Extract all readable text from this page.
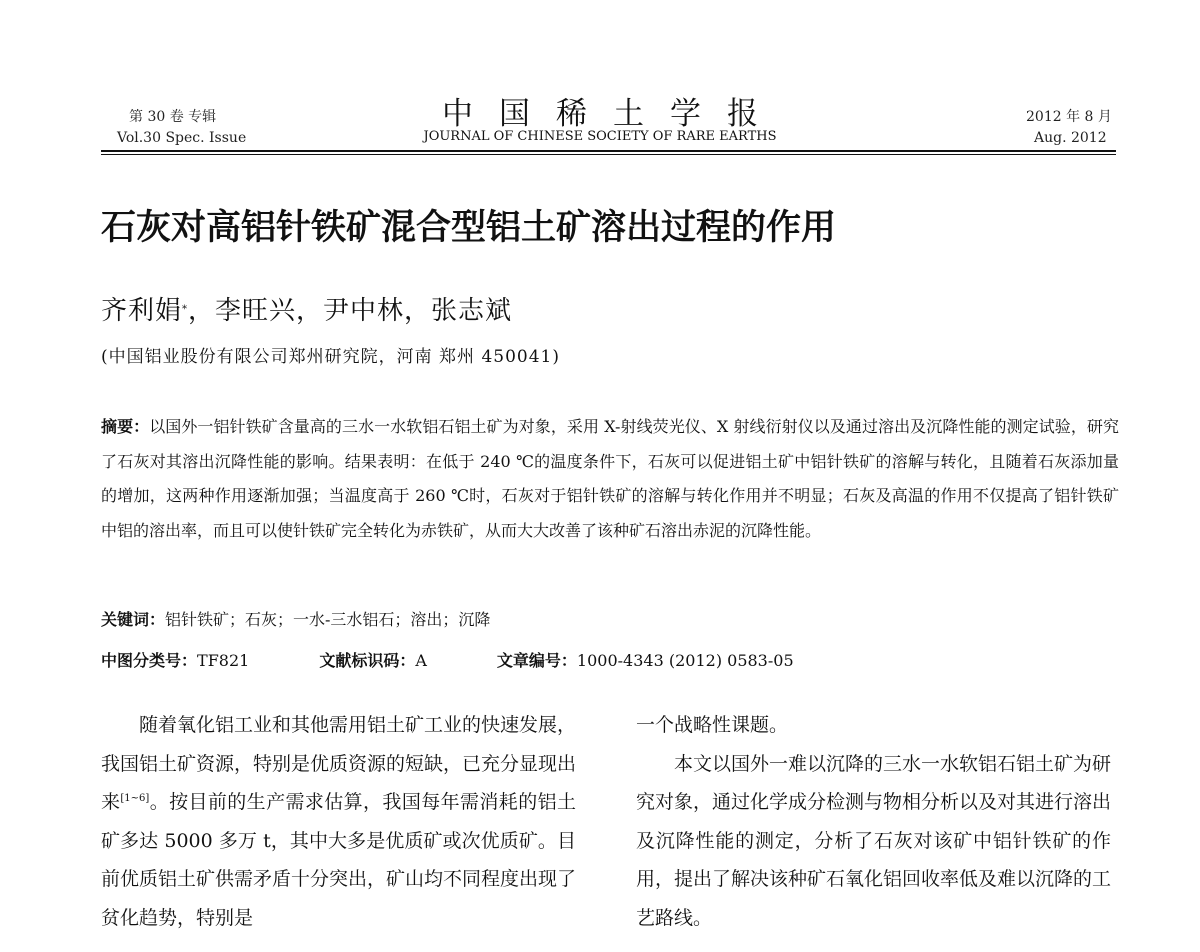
第 30 卷 专辑
Vol.30 Spec. Issue
中国稀土学报
JOURNAL OF CHINESE SOCIETY OF RARE EARTHS
2012 年 8 月
Aug. 2012
石灰对高铝针铁矿混合型铝土矿溶出过程的作用
齐利娟*，李旺兴，尹中林，张志斌
(中国铝业股份有限公司郑州研究院，河南 郑州 450041)
摘要：以国外一铝针铁矿含量高的三水一水软铝石铝土矿为对象，采用 X-射线荧光仪、X 射线衍射仪以及通过溶出及沉降性能的测定试验，研究了石灰对其溶出沉降性能的影响。结果表明：在低于 240 ℃的温度条件下，石灰可以促进铝土矿中铝针铁矿的溶解与转化，且随着石灰添加量的增加，这两种作用逐渐加强；当温度高于 260 ℃时，石灰对于铝针铁矿的溶解与转化作用并不明显；石灰及高温的作用不仅提高了铝针铁矿中铝的溶出率，而且可以使针铁矿完全转化为赤铁矿，从而大大改善了该种矿石溶出赤泥的沉降性能。
关键词：铝针铁矿；石灰；一水-三水铝石；溶出；沉降
中图分类号：TF821	文献标识码：A	文章编号：1000-4343 (2012) 0583-05
随着氧化铝工业和其他需用铝土矿工业的快速发展，我国铝土矿资源，特别是优质资源的短缺，已充分显现出来[1~6]。按目前的生产需求估算，我国每年需消耗的铝土矿多达 5000 多万 t，其中大多是优质矿或次优质矿。目前优质铝土矿供需矛盾十分突出，矿山均不同程度出现了贫化趋势，特别是
一个战略性课题。
本文以国外一难以沉降的三水一水软铝石铝土矿为研究对象，通过化学成分检测与物相分析以及对其进行溶出及沉降性能的测定，分析了石灰对该矿中铝针铁矿的作用，提出了解决该种矿石氧化铝回收率低及难以沉降的工艺路线。
